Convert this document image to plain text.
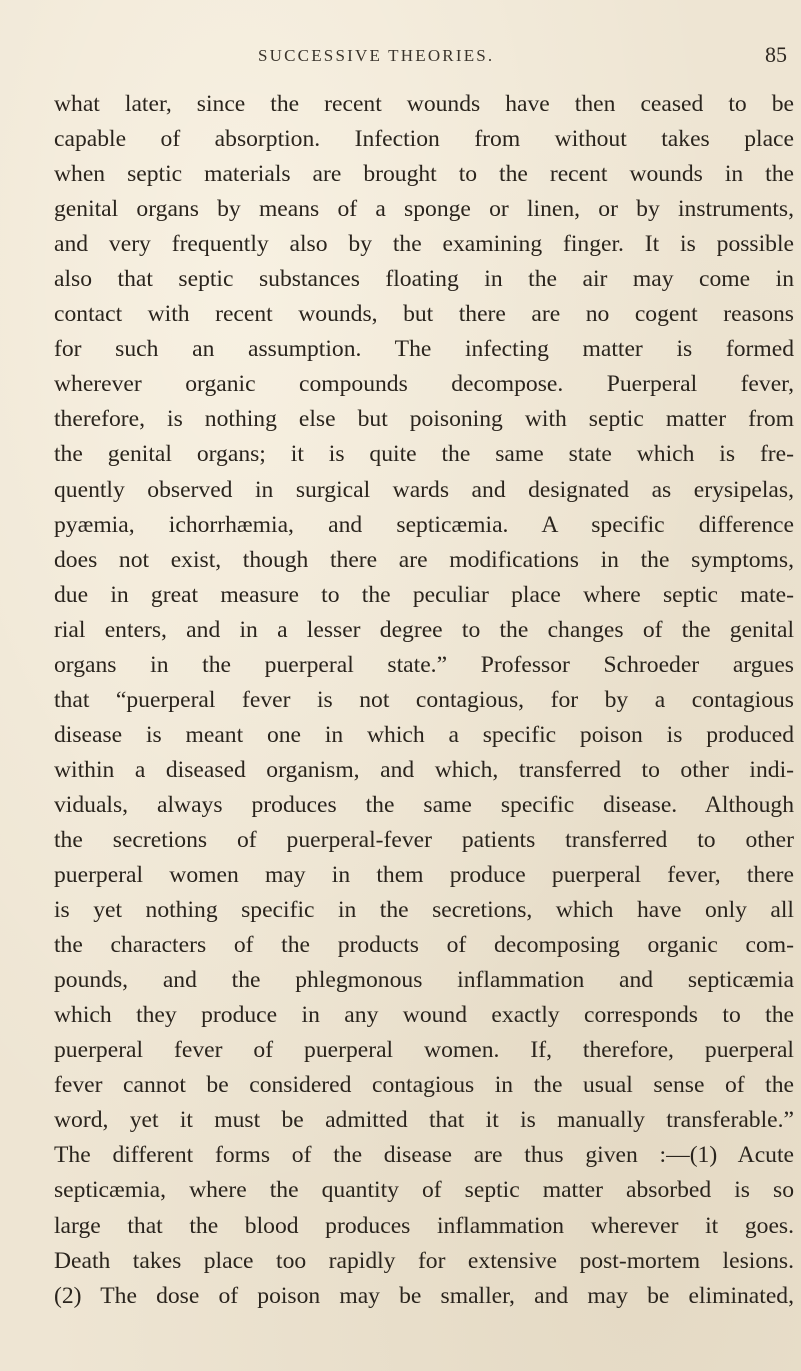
SUCCESSIVE THEORIES.	85
what later, since the recent wounds have then ceased to be
capable of absorption. Infection from without takes place
when septic materials are brought to the recent wounds in the
genital organs by means of a sponge or linen, or by instruments,
and very frequently also by the examining finger. It is possible
also that septic substances floating in the air may come in
contact with recent wounds, but there are no cogent reasons
for such an assumption. The infecting matter is formed
wherever organic compounds decompose. Puerperal fever,
therefore, is nothing else but poisoning with septic matter from
the genital organs; it is quite the same state which is fre-
quently observed in surgical wards and designated as erysipelas,
pyæmia, ichorrhæmia, and septicæmia. A specific difference
does not exist, though there are modifications in the symptoms,
due in great measure to the peculiar place where septic mate-
rial enters, and in a lesser degree to the changes of the genital
organs in the puerperal state.” Professor Schroeder argues
that “puerperal fever is not contagious, for by a contagious
disease is meant one in which a specific poison is produced
within a diseased organism, and which, transferred to other indi-
viduals, always produces the same specific disease. Although
the secretions of puerperal-fever patients transferred to other
puerperal women may in them produce puerperal fever, there
is yet nothing specific in the secretions, which have only all
the characters of the products of decomposing organic com-
pounds, and the phlegmonous inflammation and septicæmia
which they produce in any wound exactly corresponds to the
puerperal fever of puerperal women. If, therefore, puerperal
fever cannot be considered contagious in the usual sense of the
word, yet it must be admitted that it is manually transferable.”
The different forms of the disease are thus given :—(1) Acute
septicæmia, where the quantity of septic matter absorbed is so
large that the blood produces inflammation wherever it goes.
Death takes place too rapidly for extensive post-mortem lesions.
(2) The dose of poison may be smaller, and may be eliminated,
